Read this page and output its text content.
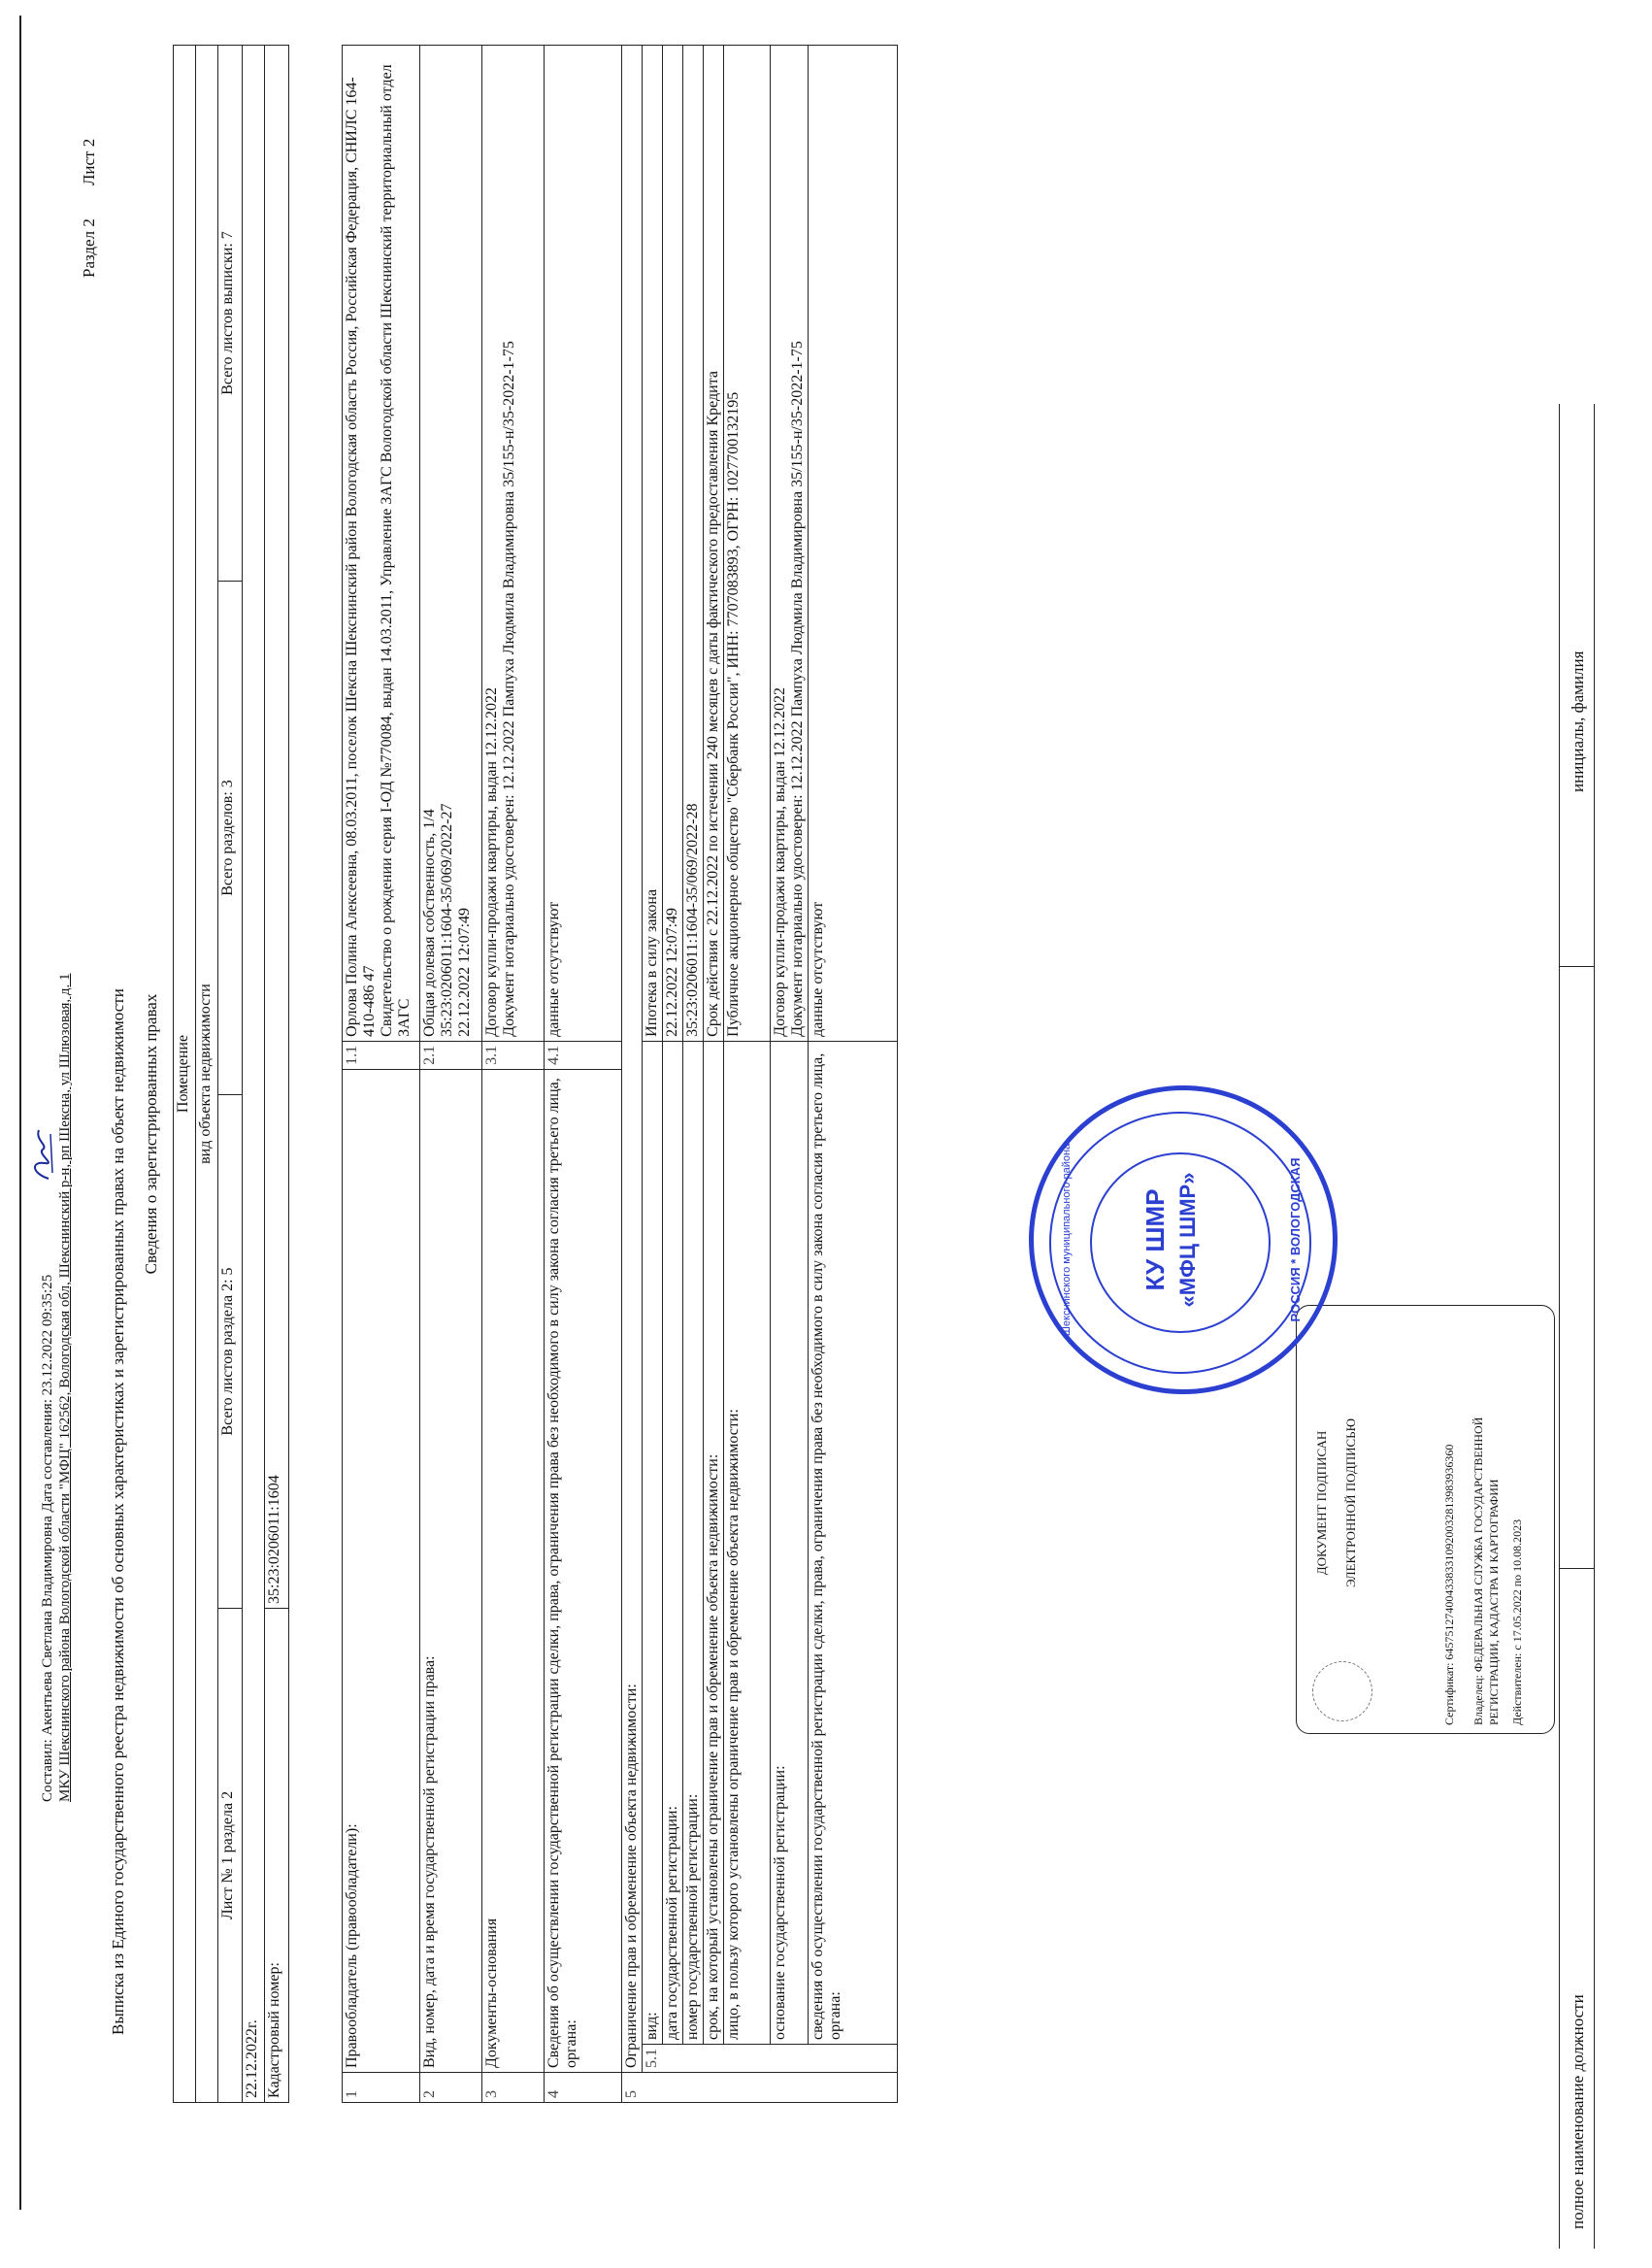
Составил: Акентьева Светлана Владимировна Дата составления: 23.12.2022 09:35:25 МКУ Шекснинского района Вологодской области "МФЦ" 162562, Вологодская обл, Шекснинский р-н, рп Шексна, ул Шлюзовая, д. 1
Раздел 2        Лист 2
Выписка из Единого государственного реестра недвижимости об основных характеристиках и зарегистрированных правах на объект недвижимости Сведения о зарегистрированных правах Помещение			
вид объекта недвижимости			
Лист № 1 раздела 2	Всего листов раздела 2: 5	Всего разделов: 3	Всего листов выписки: 7
22.12.2022г.			
Кадастровый номер:	35:23:0206011:1604		
1	Правообладатель (правообладатели):		1.1	Орлова Полина Алексеевна, 08.03.2011, поселок Шексна Шекснинский район Вологодская область Россия, Российская Федерация, СНИЛС 164-410-486 47 Свидетельство о рождении серия I-ОД №770084, выдан 14.03.2011, Управление ЗАГС Вологодской области Шекснинский территориальный отдел ЗАГС

2	Вид, номер, дата и время государственной регистрации права:		2.1	Общая долевая собственность, 1/4 35:23:0206011:1604-35/069/2022-27 22.12.2022 12:07:49

3	Документы-основания		3.1	Договор купли-продажи квартиры, выдан 12.12.2022 Документ нотариально удостоверен: 12.12.2022 Пампуха Людмила Владимировна 35/155-н/35-2022-1-75

4	Сведения об осуществлении государственной регистрации сделки, права, ограничения права без необходимого в силу закона согласия третьего лица, органа:		4.1	данные отсутствуют
5	Ограничение прав и обременение объекта недвижимости:			
	5.1	вид:		Ипотека в силу закона
		дата государственной регистрации:		22.12.2022 12:07:49
		номер государственной регистрации:		35:23:0206011:1604-35/069/2022-28
		срок, на который установлены ограничение прав и обременение объекта недвижимости:		Срок действия с 22.12.2022 по истечении 240 месяцев с даты фактического предоставления Кредита
		лицо, в пользу которого установлены ограничение прав и обременение объекта недвижимости:		Публичное акционерное общество "Сбербанк России", ИНН: 7707083893, ОГРН: 1027700132195
		основание государственной регистрации:		Договор купли-продажи квартиры, выдан 12.12.2022
Документ нотариально удостоверен: 12.12.2022 Пампуха Людмила Владимировна 35/155-н/35-2022-1-75
		сведения об осуществлении государственной регистрации сделки, права, ограничения права без необходимого в силу закона согласия третьего лица, органа:		данные отсутствуют
ДОКУМЕНТ ПОДПИСАН ЭЛЕКТРОННОЙ ПОДПИСЬЮ	Сертификат: 6457512740043383310920032813983936360 Владелец: ФЕДЕРАЛЬНАЯ СЛУЖБА ГОСУДАРСТВЕННОЙ РЕГИСТРАЦИИ, КАДАСТРА И КАРТОГРАФИИ Действителен: с 17.05.2022 по 10.08.2023
Шекснинского муниципального района	КУ ШМР «МФЦ ШМР»	РОССИЯ * ВОЛОГОДСКАЯ
полное наименование должности
инициалы, фамилия
